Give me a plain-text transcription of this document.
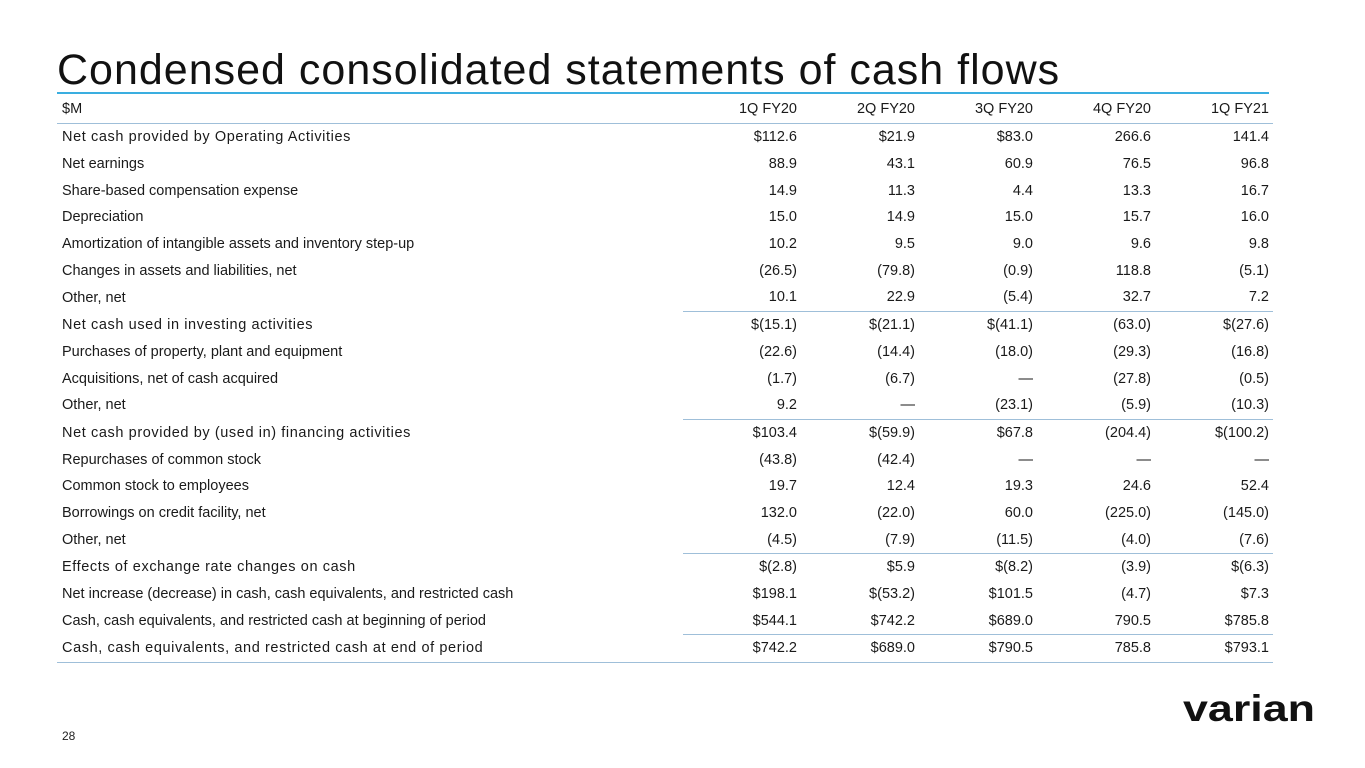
Condensed consolidated statements of cash flows
$M	1Q FY20	2Q FY20	3Q FY20	4Q FY20	1Q FY21
Net cash provided by Operating Activities	$112.6	$21.9	$83.0	266.6	141.4
Net earnings	88.9	43.1	60.9	76.5	96.8
Share-based compensation expense	14.9	11.3	4.4	13.3	16.7
Depreciation	15.0	14.9	15.0	15.7	16.0
Amortization of intangible assets and inventory step-up	10.2	9.5	9.0	9.6	9.8
Changes in assets and liabilities, net	(26.5)	(79.8)	(0.9)	118.8	(5.1)
Other, net	10.1	22.9	(5.4)	32.7	7.2
Net cash used in investing activities	$(15.1)	$(21.1)	$(41.1)	(63.0)	$(27.6)
Purchases of property, plant and equipment	(22.6)	(14.4)	(18.0)	(29.3)	(16.8)
Acquisitions, net of cash acquired	(1.7)	(6.7)	—	(27.8)	(0.5)
Other, net	9.2	—	(23.1)	(5.9)	(10.3)
Net cash provided by (used in) financing activities	$103.4	$(59.9)	$67.8	(204.4)	$(100.2)
Repurchases of common stock	(43.8)	(42.4)	—	—	—
Common stock to employees	19.7	12.4	19.3	24.6	52.4
Borrowings on credit facility, net	132.0	(22.0)	60.0	(225.0)	(145.0)
Other, net	(4.5)	(7.9)	(11.5)	(4.0)	(7.6)
Effects of exchange rate changes on cash	$(2.8)	$5.9	$(8.2)	(3.9)	$(6.3)
Net increase (decrease) in cash, cash equivalents, and restricted cash	$198.1	$(53.2)	$101.5	(4.7)	$7.3
Cash, cash equivalents, and restricted cash at beginning of period	$544.1	$742.2	$689.0	790.5	$785.8
Cash, cash equivalents, and restricted cash at end of period	$742.2	$689.0	$790.5	785.8	$793.1
28
varian
